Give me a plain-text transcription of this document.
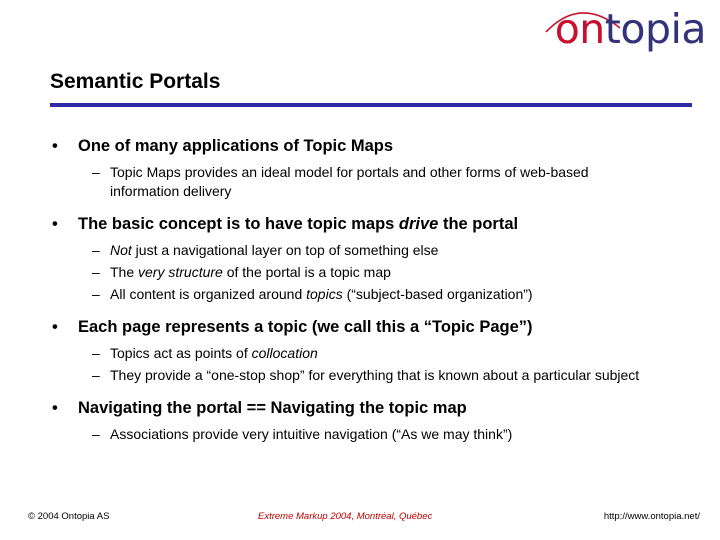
ontopia
Semantic Portals
• One of many applications of Topic Maps
– Topic Maps provides an ideal model for portals and other forms of web-based information delivery
• The basic concept is to have topic maps drive the portal
– Not just a navigational layer on top of something else
– The very structure of the portal is a topic map
– All content is organized around topics (“subject-based organization”)
• Each page represents a topic (we call this a “Topic Page”)
– Topics act as points of collocation
– They provide a “one-stop shop” for everything that is known about a particular subject
• Navigating the portal == Navigating the topic map
– Associations provide very intuitive navigation (“As we may think”)
© 2004 Ontopia AS	Extreme Markup 2004, Montréal, Québec	http://www.ontopia.net/
